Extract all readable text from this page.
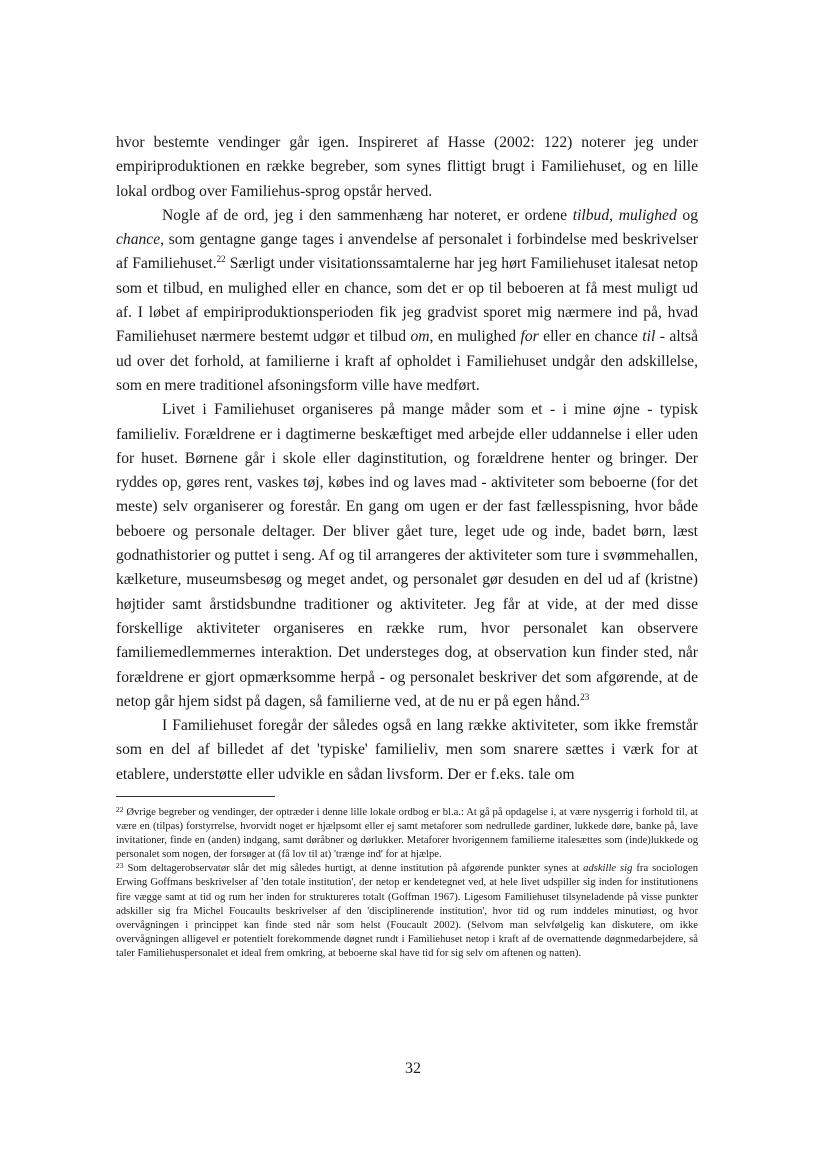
hvor bestemte vendinger går igen. Inspireret af Hasse (2002: 122) noterer jeg under empiriproduktionen en række begreber, som synes flittigt brugt i Familiehuset, og en lille lokal ordbog over Familiehus-sprog opstår herved.

Nogle af de ord, jeg i den sammenhæng har noteret, er ordene tilbud, mulighed og chance, som gentagne gange tages i anvendelse af personalet i forbindelse med beskrivelser af Familiehuset.$^{22}$ Særligt under visitationssamtalerne har jeg hørt Familiehuset italesat netop som et tilbud, en mulighed eller en chance, som det er op til beboeren at få mest muligt ud af. I løbet af empiriproduktionsperioden fik jeg gradvist sporet mig nærmere ind på, hvad Familiehuset nærmere bestemt udgør et tilbud om, en mulighed for eller en chance til - altså ud over det forhold, at familierne i kraft af opholdet i Familiehuset undgår den adskillelse, som en mere traditionel afsoningsform ville have medført.

Livet i Familiehuset organiseres på mange måder som et - i mine øjne - typisk familieliv. Forældrene er i dagtimerne beskæftiget med arbejde eller uddannelse i eller uden for huset. Børnene går i skole eller daginstitution, og forældrene henter og bringer. Der ryddes op, gøres rent, vaskes tøj, købes ind og laves mad - aktiviteter som beboerne (for det meste) selv organiserer og forestår. En gang om ugen er der fast fællesspisning, hvor både beboere og personale deltager. Der bliver gået ture, leget ude og inde, badet børn, læst godnathistorier og puttet i seng. Af og til arrangeres der aktiviteter som ture i svømmehallen, kælketure, museumsbesøg og meget andet, og personalet gør desuden en del ud af (kristne) højtider samt årstidsbundne traditioner og aktiviteter. Jeg får at vide, at der med disse forskellige aktiviteter organiseres en række rum, hvor personalet kan observere familiemedlemmernes interaktion. Det understeges dog, at observation kun finder sted, når forældrene er gjort opmærksomme herpå - og personalet beskriver det som afgørende, at de netop går hjem sidst på dagen, så familierne ved, at de nu er på egen hånd.$^{23}$

I Familiehuset foregår der således også en lang række aktiviteter, som ikke fremstår som en del af billedet af det 'typiske' familieliv, men som snarere sættes i værk for at etablere, understøtte eller udvikle en sådan livsform. Der er f.eks. tale om

$^{22}$ Øvrige begreber og vendinger, der optræder i denne lille lokale ordbog er bl.a.: At gå på opdagelse i, at være nysgerrig i forhold til, at være en (tilpas) forstyrrelse, hvorvidt noget er hjælpsomt eller ej samt metaforer som nedrullede gardiner, lukkede døre, banke på, lave invitationer, finde en (anden) indgang, samt døråbner og dørlukker. Metaforer hvorigennem familierne italesættes som (inde)lukkede og personalet som nogen, der forsøger at (få lov til at) 'trænge ind' for at hjælpe.

$^{23}$ Som deltagerobservatør slår det mig således hurtigt, at denne institution på afgørende punkter synes at adskille sig fra sociologen Erwing Goffmans beskrivelser af 'den totale institution', der netop er kendetegnet ved, at hele livet udspiller sig inden for institutionens fire vægge samt at tid og rum her inden for struktureres totalt (Goffman 1967). Ligesom Familiehuset tilsyneladende på visse punkter adskiller sig fra Michel Foucaults beskrivelser af den 'disciplinerende institution', hvor tid og rum inddeles minutiøst, og hvor overvågningen i princippet kan finde sted når som helst (Foucault 2002). (Selvom man selvfølgelig kan diskutere, om ikke overvågningen alligevel er potentielt forekommende døgnet rundt i Familiehuset netop i kraft af de overnattende døgnmedarbejdere, så taler Familiehuspersonalet et ideal frem omkring, at beboerne skal have tid for sig selv om aftenen og natten).

32
